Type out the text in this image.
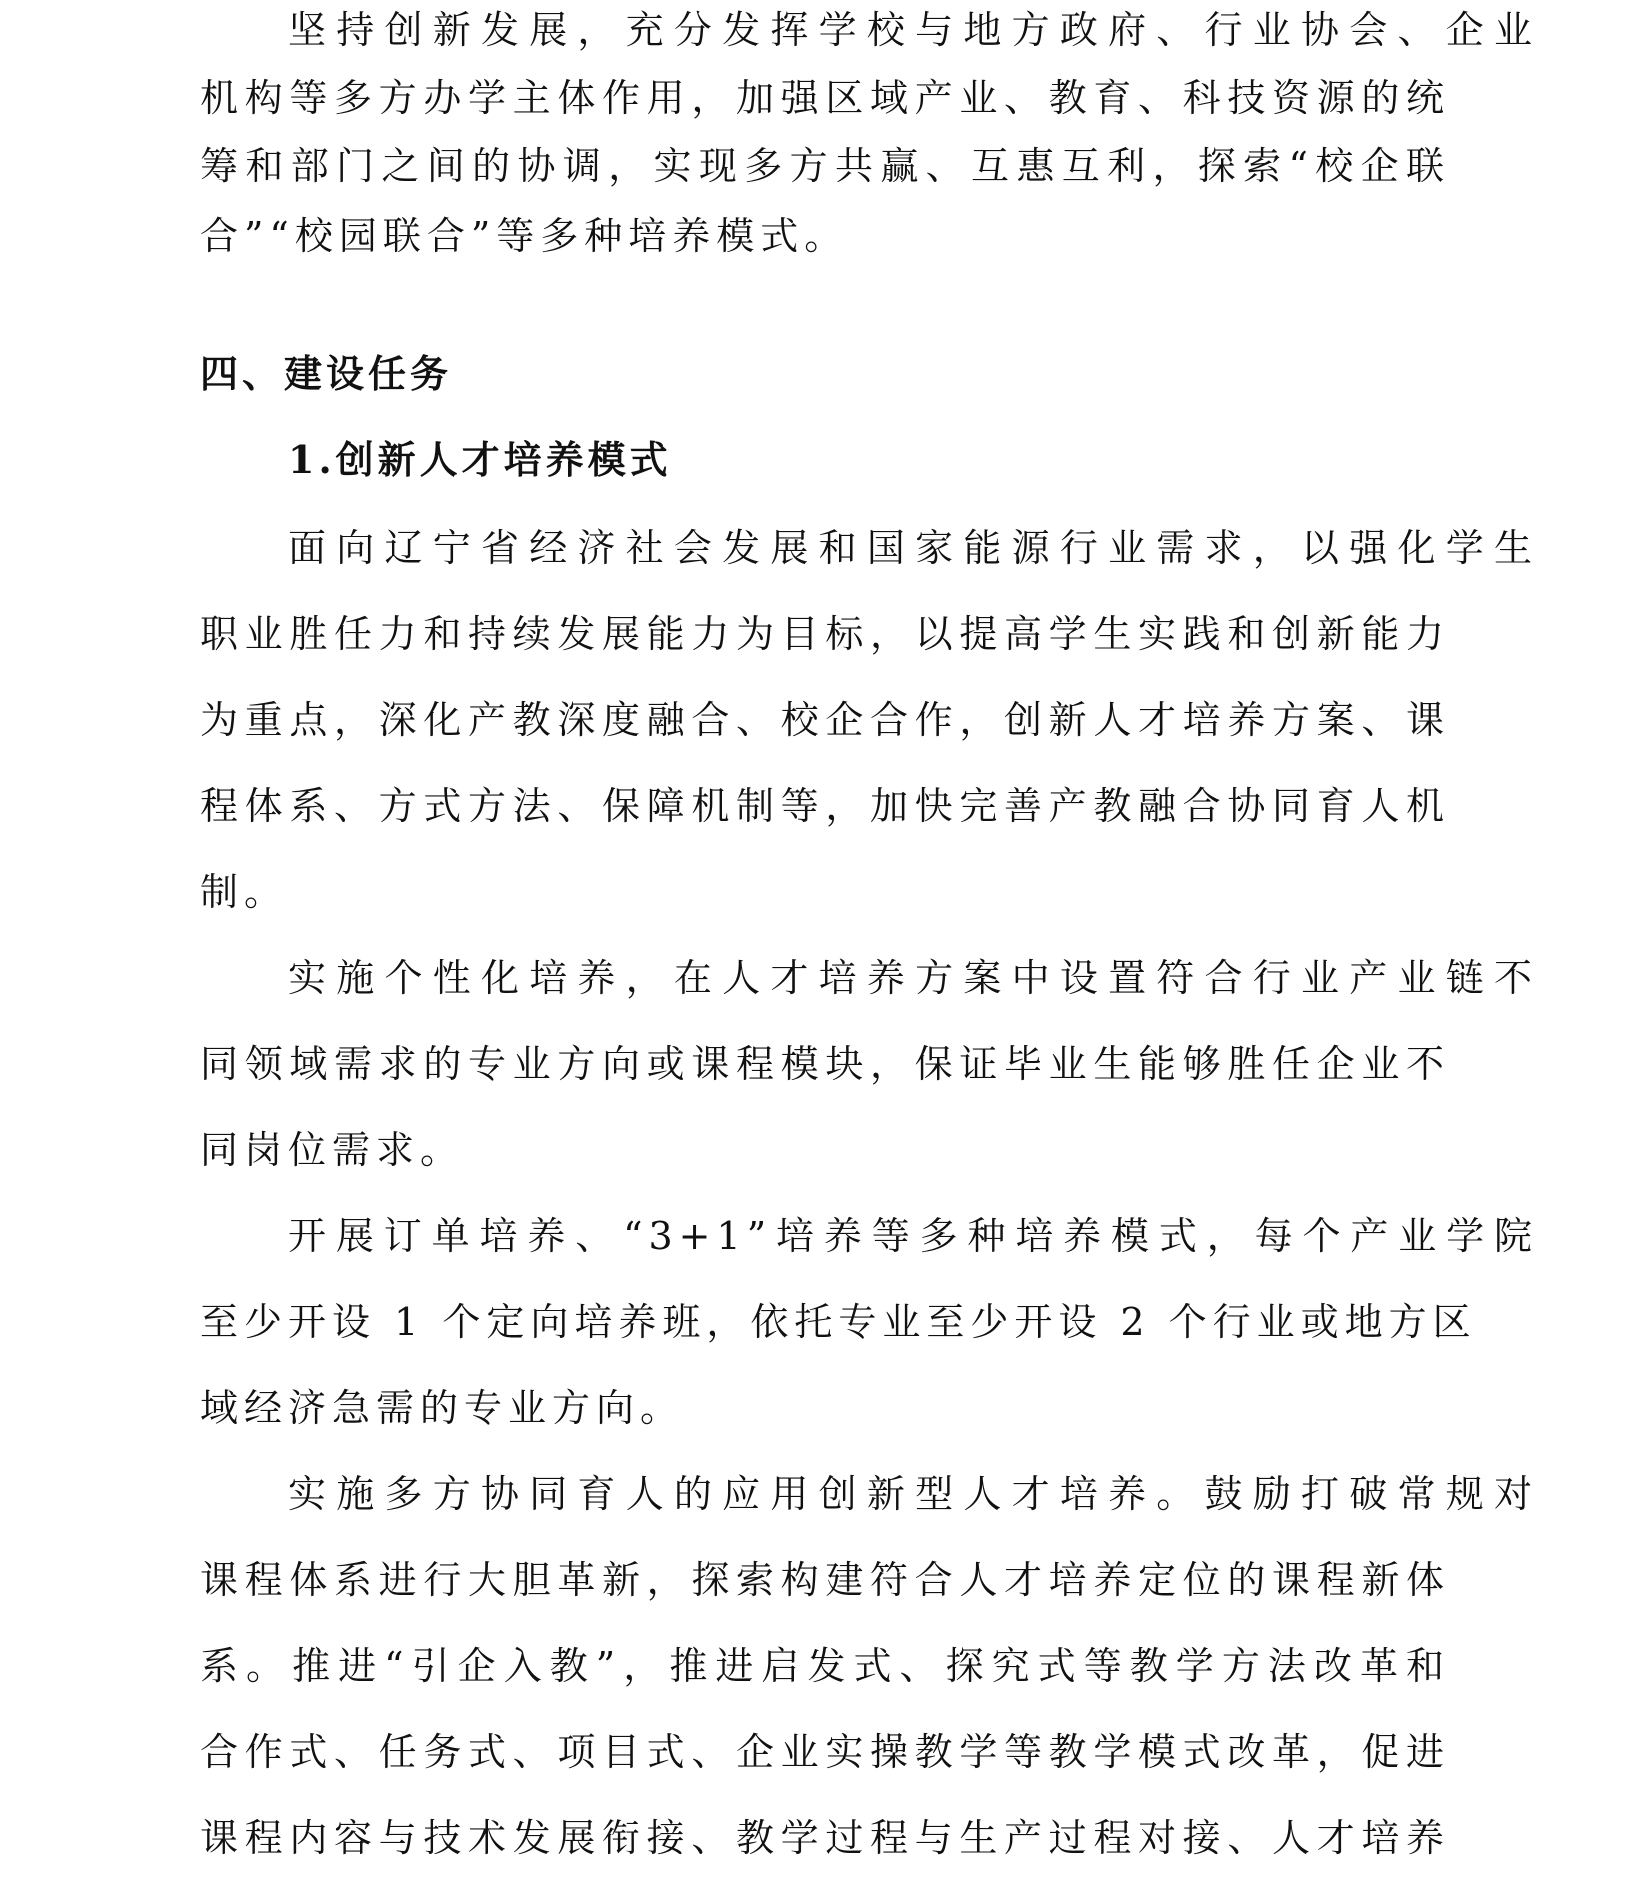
坚持创新发展，充分发挥学校与地方政府、行业协会、企业
机构等多方办学主体作用，加强区域产业、教育、科技资源的统
筹和部门之间的协调，实现多方共赢、互惠互利，探索“校企联
合”“校园联合”等多种培养模式。
四、建设任务
1.创新人才培养模式
面向辽宁省经济社会发展和国家能源行业需求，以强化学生
职业胜任力和持续发展能力为目标，以提高学生实践和创新能力
为重点，深化产教深度融合、校企合作，创新人才培养方案、课
程体系、方式方法、保障机制等，加快完善产教融合协同育人机
制。
实施个性化培养，在人才培养方案中设置符合行业产业链不
同领域需求的专业方向或课程模块，保证毕业生能够胜任企业不
同岗位需求。
开展订单培养、“3+1”培养等多种培养模式，每个产业学院
至少开设 1 个定向培养班，依托专业至少开设 2 个行业或地方区
域经济急需的专业方向。
实施多方协同育人的应用创新型人才培养。鼓励打破常规对
课程体系进行大胆革新，探索构建符合人才培养定位的课程新体
系。推进“引企入教”，推进启发式、探究式等教学方法改革和
合作式、任务式、项目式、企业实操教学等教学模式改革，促进
课程内容与技术发展衔接、教学过程与生产过程对接、人才培养
